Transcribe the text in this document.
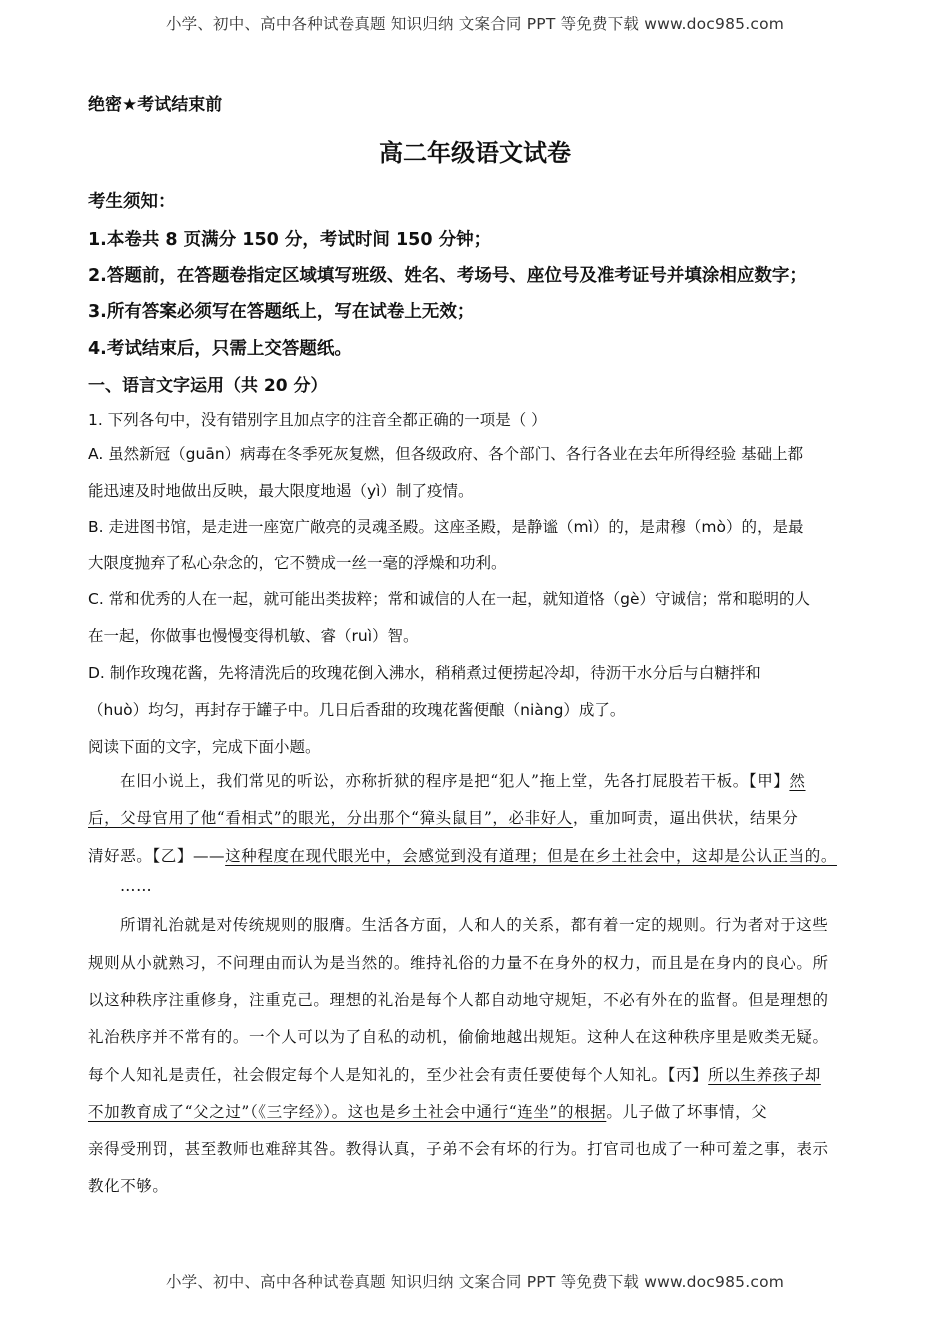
小学、初中、高中各种试卷真题 知识归纳 文案合同 PPT 等免费下载 www.doc985.com
绝密★考试结束前
高二年级语文试卷
考生须知：
1.本卷共 8 页满分 150 分，考试时间 150 分钟；
2.答题前，在答题卷指定区域填写班级、姓名、考场号、座位号及准考证号并填涂相应数字；
3.所有答案必须写在答题纸上，写在试卷上无效；
4.考试结束后，只需上交答题纸。
一、语言文字运用（共 20 分）
1. 下列各句中，没有错别字且加点字的注音全都正确的一项是（ ）
A. 虽然新冠（guān）病毒在冬季死灰复燃，但各级政府、各个部门、各行各业在去年所得经验 基础上都
能迅速及时地做出反映，最大限度地遏（yì）制了疫情。
B. 走进图书馆，是走进一座宽广敞亮的灵魂圣殿。这座圣殿，是静谧（mì）的，是肃穆（mò）的，是最
大限度抛弃了私心杂念的，它不赞成一丝一毫的浮燥和功利。
C. 常和优秀的人在一起，就可能出类拔粹；常和诚信的人在一起，就知道恪（gè）守诚信；常和聪明的人
在一起，你做事也慢慢变得机敏、睿（ruì）智。
D. 制作玫瑰花酱，先将清洗后的玫瑰花倒入沸水，稍稍煮过便捞起冷却，待沥干水分后与白糖拌和
（huò）均匀，再封存于罐子中。几日后香甜的玫瑰花酱便酿（niàng）成了。
阅读下面的文字，完成下面小题。
在旧小说上，我们常见的听讼，亦称折狱的程序是把“犯人”拖上堂，先各打屁股若干板。【甲】然
后，父母官用了他“看相式”的眼光，分出那个“獐头鼠目”，必非好人，重加呵责，逼出供状，结果分
清好恶。【乙】——这种程度在现代眼光中，会感觉到没有道理；但是在乡土社会中，这却是公认正当的。
……
所谓礼治就是对传统规则的服膺。生活各方面，人和人的关系，都有着一定的规则。行为者对于这些
规则从小就熟习，不问理由而认为是当然的。维持礼俗的力量不在身外的权力，而且是在身内的良心。所
以这种秩序注重修身，注重克己。理想的礼治是每个人都自动地守规矩，不必有外在的监督。但是理想的
礼治秩序并不常有的。一个人可以为了自私的动机，偷偷地越出规矩。这种人在这种秩序里是败类无疑。
每个人知礼是责任，社会假定每个人是知礼的，至少社会有责任要使每个人知礼。【丙】所以生养孩子却
不加教育成了“父之过”（《三字经》）。这也是乡土社会中通行“连坐”的根据。儿子做了坏事情，父
亲得受刑罚，甚至教师也难辞其咎。教得认真，子弟不会有坏的行为。打官司也成了一种可羞之事，表示
教化不够。
小学、初中、高中各种试卷真题 知识归纳 文案合同 PPT 等免费下载 www.doc985.com
